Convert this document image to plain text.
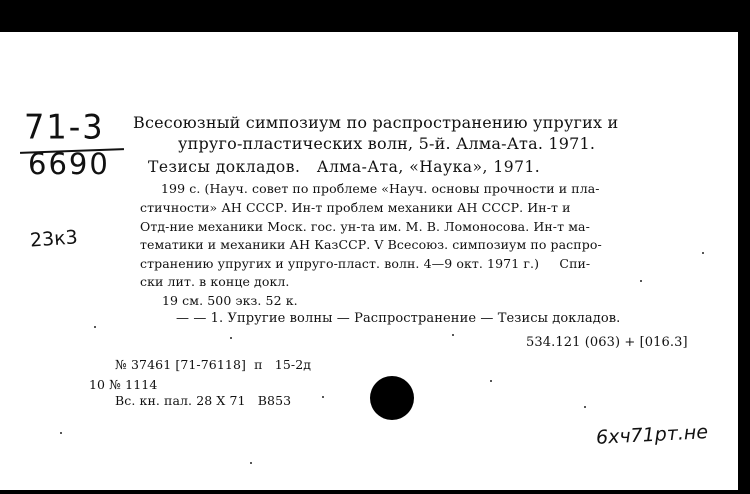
71-3
6690
23к3
Всесоюзный симпозиум по распространению упругих и
упруго-пластических волн, 5-й. Алма-Ата. 1971.
Тезисы докладов.   Алма-Ата, «Наука», 1971.
199 с. (Науч. совет по проблеме «Науч. основы прочности и пла-
стичности» АН СССР. Ин-т проблем механики АН СССР. Ин-т и
Отд-ние механики Моск. гос. ун-та им. М. В. Ломоносова. Ин-т ма-
тематики и механики АН КазССР. V Всесоюз. симпозиум по распро-
странению упругих и упруго-пласт. волн. 4—9 окт. 1971 г.)     Спи-
ски лит. в конце докл.
19 см. 500 экз. 52 к.
— — 1. Упругие волны — Распространение — Тезисы докладов.
534.121 (063) + [016.3]
№ 37461 [71-76118]  п   15-2д
10 № 1114
Вс. кн. пал. 28 X 71   В853
6хч71рт.не
